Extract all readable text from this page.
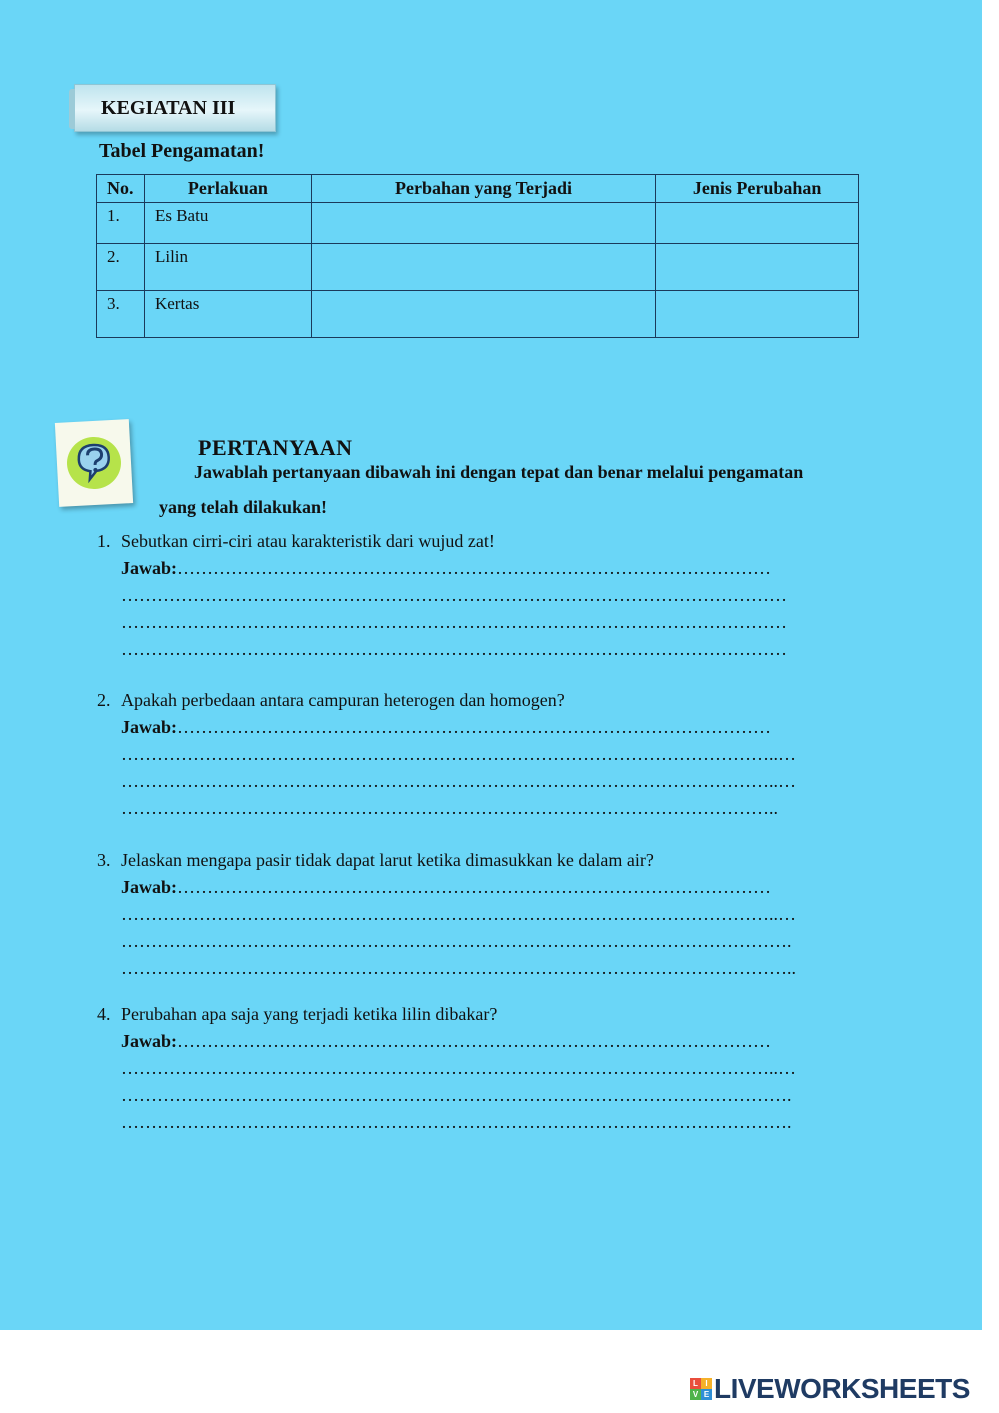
KEGIATAN III
Tabel Pengamatan!
No.	Perlakuan	Perbahan yang Terjadi	Jenis Perubahan
1.	Es Batu		
2.	Lilin		
3.	Kertas		
PERTANYAAN
Jawablah pertanyaan dibawah ini dengan tepat dan benar melalui pengamatan
yang telah dilakukan!
1. Sebutkan cirri-ciri atau karakteristik dari wujud zat!
Jawab:………………………………………………………………………………………
…………………………………………………………………………………………………
…………………………………………………………………………………………………
…………………………………………………………………………………………………
2. Apakah perbedaan antara campuran heterogen dan homogen?
Jawab:………………………………………………………………………………………
………………………………………………………………………………………………..…
………………………………………………………………………………………………..…
………………………………………………………………………………………………..
3. Jelaskan mengapa pasir tidak dapat larut ketika dimasukkan ke dalam air?
Jawab:………………………………………………………………………………………
………………………………………………………………………………………………..…
………………………………………………………………………………………………….
…………………………………………………………………………………………………..
4. Perubahan apa saja yang terjadi ketika lilin dibakar?
Jawab:………………………………………………………………………………………
………………………………………………………………………………………………..…
………………………………………………………………………………………………….
………………………………………………………………………………………………….
L I
V E LIVEWORKSHEETS
